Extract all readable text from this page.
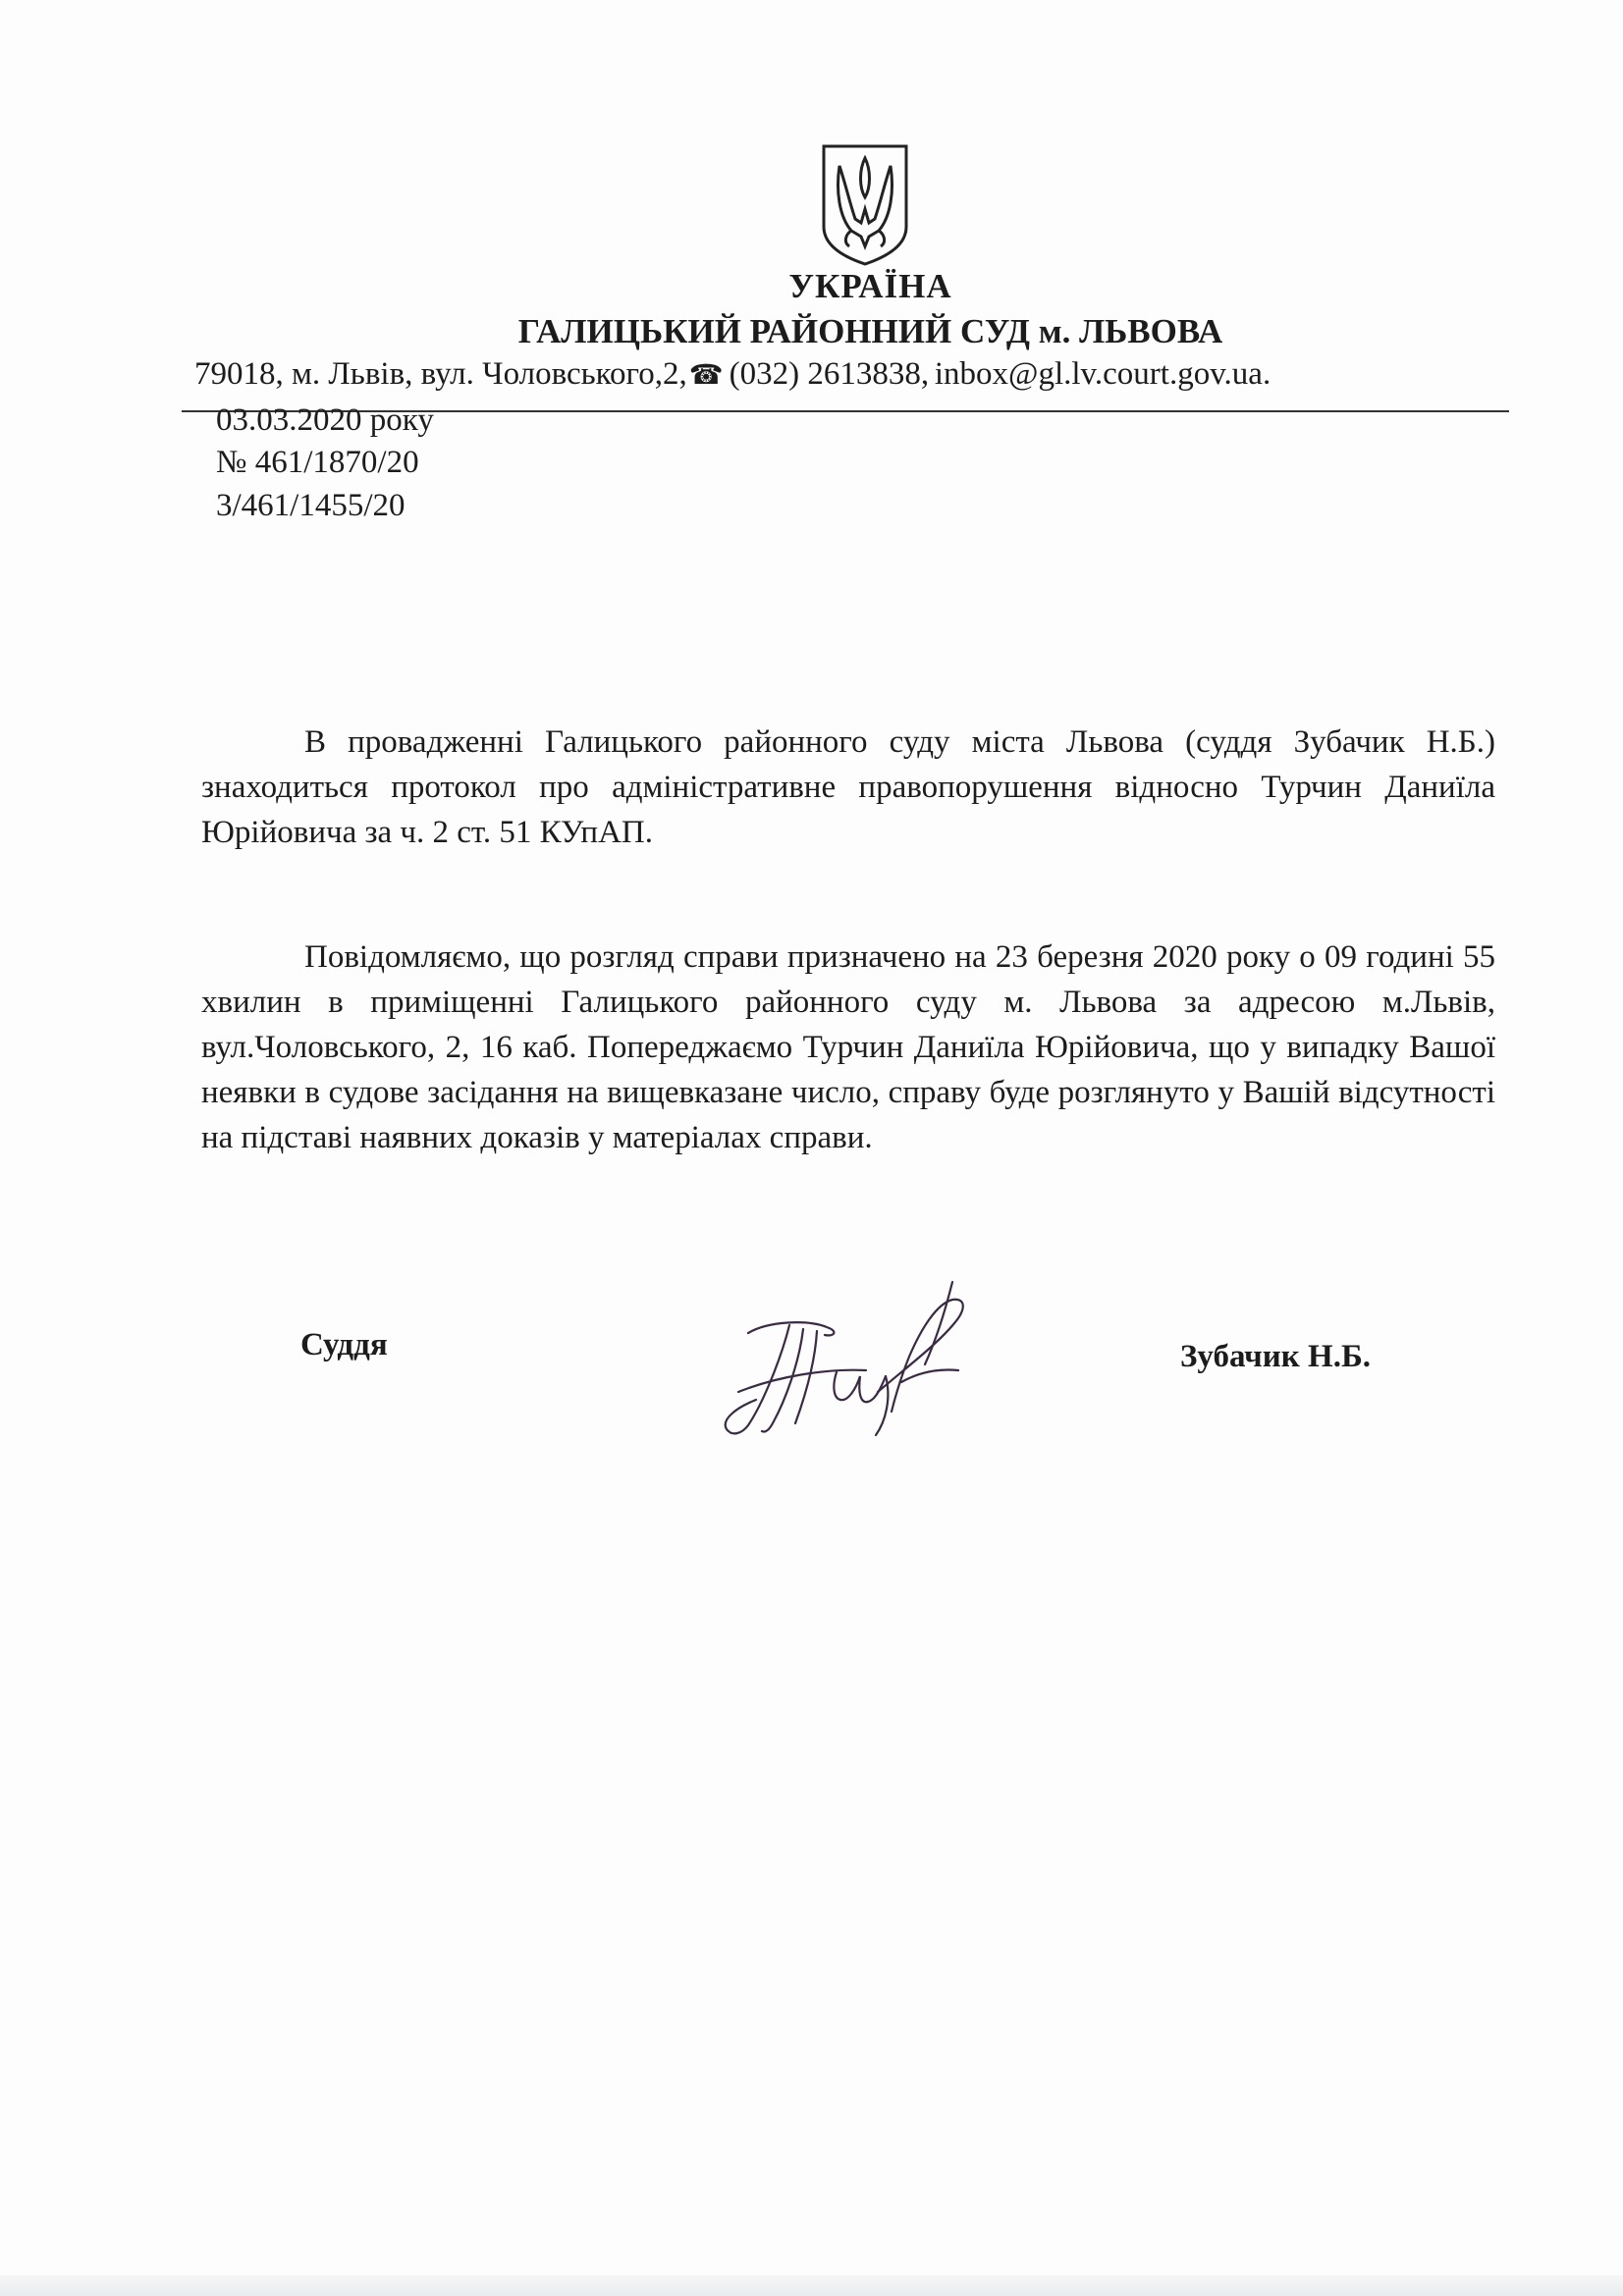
УКРАЇНА
ГАЛИЦЬКИЙ РАЙОННИЙ СУД м. ЛЬВОВА
79018, м. Львів, вул. Чоловського,2, ☎ (032) 2613838 , inbox@gl.lv.court.gov.ua.
03.03.2020 року
№ 461/1870/20
3/461/1455/20
В провадженні Галицького районного суду міста Львова (суддя Зубачик Н.Б.) знаходиться протокол про адміністративне правопорушення відносно Турчин Даниїла Юрійовича за ч. 2 ст. 51 КУпАП.
Повідомляємо, що розгляд справи призначено на 23 березня 2020 року о 09 годині 55 хвилин в приміщенні Галицького районного суду м. Львова за адресою м.Львів, вул.Чоловського, 2, 16 каб. Попереджаємо Турчин Даниїла Юрійовича, що у випадку Вашої неявки в судове засідання на вищевказане число, справу буде розглянуто у Вашій відсутності на підставі наявних доказів у матеріалах справи.
Суддя	Зубачик Н.Б.
